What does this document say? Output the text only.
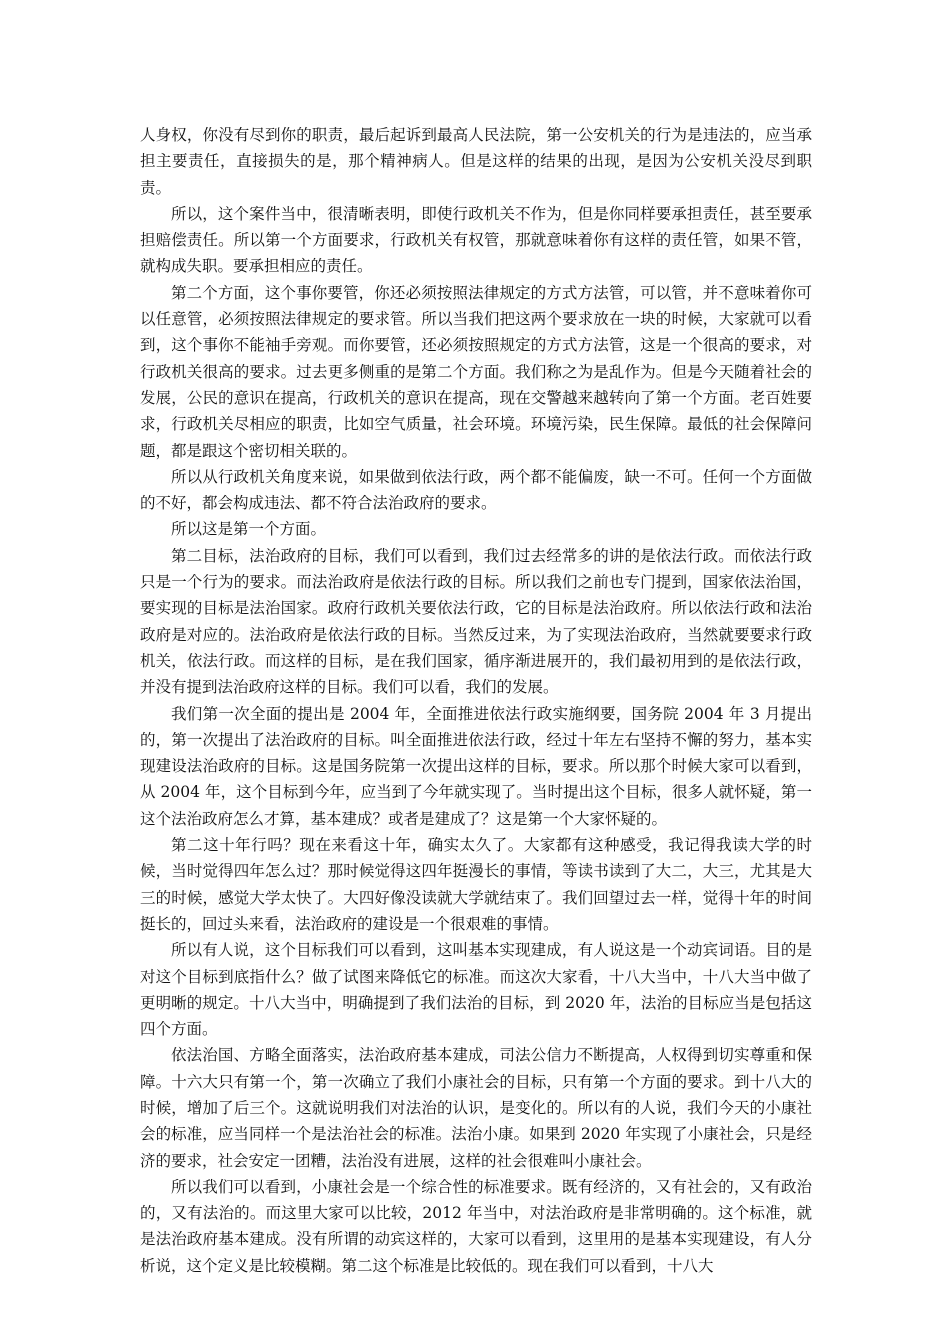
人身权，你没有尽到你的职责，最后起诉到最高人民法院，第一公安机关的行为是违法的，应当承担主要责任，直接损失的是，那个精神病人。但是这样的结果的出现，是因为公安机关没尽到职责。

所以，这个案件当中，很清晰表明，即使行政机关不作为，但是你同样要承担责任，甚至要承担赔偿责任。所以第一个方面要求，行政机关有权管，那就意味着你有这样的责任管，如果不管，就构成失职。要承担相应的责任。

第二个方面，这个事你要管，你还必须按照法律规定的方式方法管，可以管，并不意味着你可以任意管，必须按照法律规定的要求管。所以当我们把这两个要求放在一块的时候，大家就可以看到，这个事你不能袖手旁观。而你要管，还必须按照规定的方式方法管，这是一个很高的要求，对行政机关很高的要求。过去更多侧重的是第二个方面。我们称之为是乱作为。但是今天随着社会的发展，公民的意识在提高，行政机关的意识在提高，现在交警越来越转向了第一个方面。老百姓要求，行政机关尽相应的职责，比如空气质量，社会环境。环境污染，民生保障。最低的社会保障问题，都是跟这个密切相关联的。

所以从行政机关角度来说，如果做到依法行政，两个都不能偏废，缺一不可。任何一个方面做的不好，都会构成违法、都不符合法治政府的要求。

所以这是第一个方面。

第二目标，法治政府的目标，我们可以看到，我们过去经常多的讲的是依法行政。而依法行政只是一个行为的要求。而法治政府是依法行政的目标。所以我们之前也专门提到，国家依法治国，要实现的目标是法治国家。政府行政机关要依法行政，它的目标是法治政府。所以依法行政和法治政府是对应的。法治政府是依法行政的目标。当然反过来，为了实现法治政府，当然就要要求行政机关，依法行政。而这样的目标，是在我们国家，循序渐进展开的，我们最初用到的是依法行政，并没有提到法治政府这样的目标。我们可以看，我们的发展。

我们第一次全面的提出是 2004 年，全面推进依法行政实施纲要，国务院 2004 年 3 月提出的，第一次提出了法治政府的目标。叫全面推进依法行政，经过十年左右坚持不懈的努力，基本实现建设法治政府的目标。这是国务院第一次提出这样的目标，要求。所以那个时候大家可以看到，从 2004 年，这个目标到今年，应当到了今年就实现了。当时提出这个目标，很多人就怀疑，第一这个法治政府怎么才算，基本建成？或者是建成了？这是第一个大家怀疑的。

第二这十年行吗？现在来看这十年，确实太久了。大家都有这种感受，我记得我读大学的时候，当时觉得四年怎么过？那时候觉得这四年挺漫长的事情，等读书读到了大二，大三，尤其是大三的时候，感觉大学太快了。大四好像没读就大学就结束了。我们回望过去一样，觉得十年的时间挺长的，回过头来看，法治政府的建设是一个很艰难的事情。

所以有人说，这个目标我们可以看到，这叫基本实现建成，有人说这是一个动宾词语。目的是对这个目标到底指什么？做了试图来降低它的标准。而这次大家看，十八大当中，十八大当中做了更明晰的规定。十八大当中，明确提到了我们法治的目标，到 2020 年，法治的目标应当是包括这四个方面。

依法治国、方略全面落实，法治政府基本建成，司法公信力不断提高，人权得到切实尊重和保障。十六大只有第一个，第一次确立了我们小康社会的目标，只有第一个方面的要求。到十八大的时候，增加了后三个。这就说明我们对法治的认识，是变化的。所以有的人说，我们今天的小康社会的标准，应当同样一个是法治社会的标准。法治小康。如果到 2020 年实现了小康社会，只是经济的要求，社会安定一团糟，法治没有进展，这样的社会很难叫小康社会。

所以我们可以看到，小康社会是一个综合性的标准要求。既有经济的，又有社会的，又有政治的，又有法治的。而这里大家可以比较，2012 年当中，对法治政府是非常明确的。这个标准，就是法治政府基本建成。没有所谓的动宾这样的，大家可以看到，这里用的是基本实现建设，有人分析说，这个定义是比较模糊。第二这个标准是比较低的。现在我们可以看到，十八大
